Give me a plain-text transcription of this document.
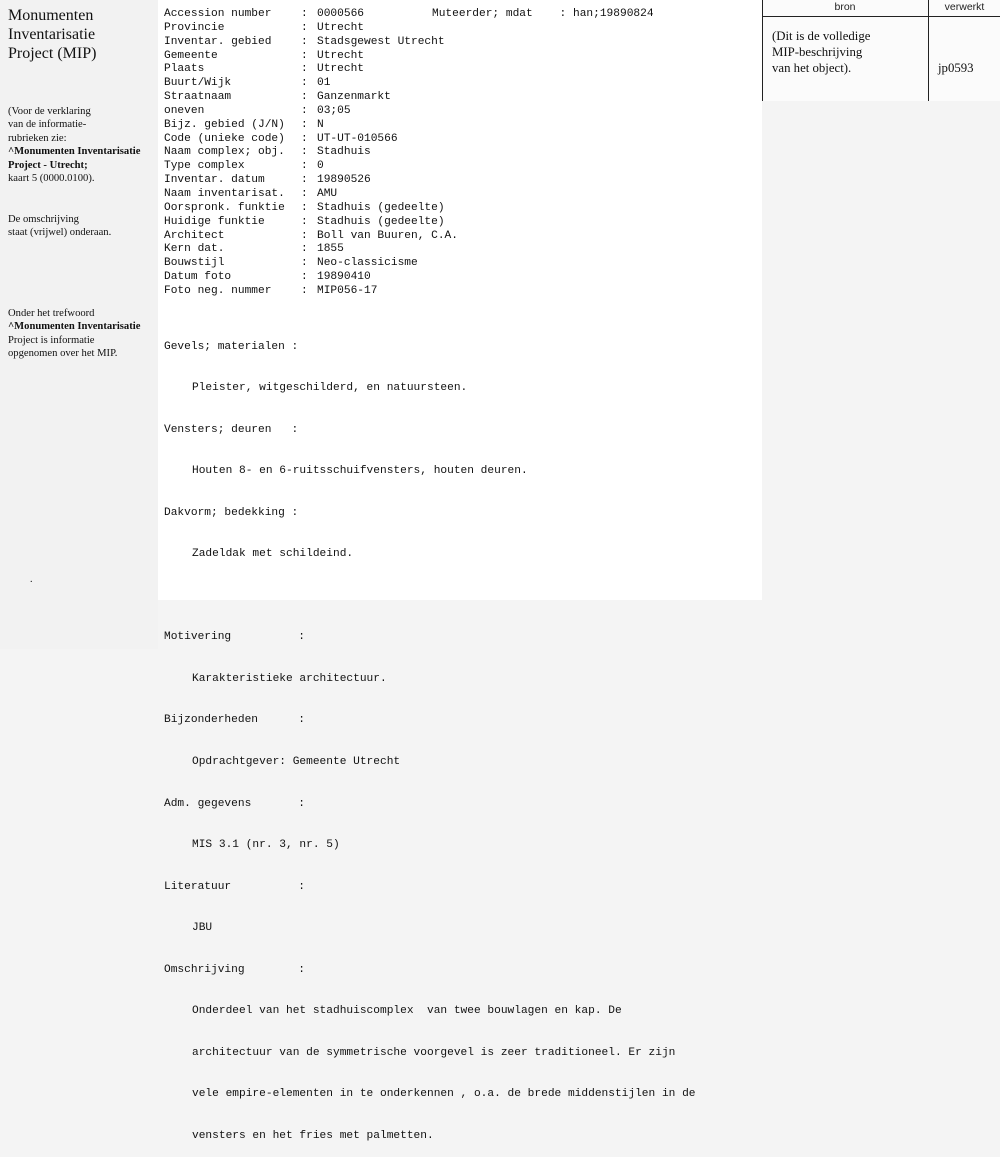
Monumenten
Inventarisatie
Project (MIP)
(Voor de verklaring
van de informatie-
rubrieken zie:
^Monumenten Inventarisatie
Project - Utrecht;
kaart 5 (0000.0100).
De omschrijving
staat (vrijwel) onderaan.
Onder het trefwoord
^Monumenten Inventarisatie
Project is informatie
opgenomen over het MIP.
.
bron	verwerkt
(Dit is de volledige
MIP-beschrijving
van het object).	jp0593
Muteerder; mdat    : han;19890824
Accession number	: 0000566
Provincie	: Utrecht
Inventar. gebied	: Stadsgewest Utrecht
Gemeente	: Utrecht
Plaats	: Utrecht
Buurt/Wijk	: 01
Straatnaam	: Ganzenmarkt
oneven	: 03;05
Bijz. gebied (J/N)	: N
Code (unieke code)	: UT-UT-010566
Naam complex; obj.	: Stadhuis
Type complex	: 0
Inventar. datum	: 19890526
Naam inventarisat.	: AMU
Oorspronk. funktie	: Stadhuis (gedeelte)
Huidige funktie	: Stadhuis (gedeelte)
Architect	: Boll van Buuren, C.A.
Kern dat.	: 1855
Bouwstijl	: Neo-classicisme
Datum foto	: 19890410
Foto neg. nummer	: MIP056-17

Gevels; materialen :

Pleister, witgeschilderd, en natuursteen.

Vensters; deuren   :

Houten 8- en 6-ruitsschuifvensters, houten deuren.

Dakvorm; bedekking :

Zadeldak met schildeind.

Motivering          :

Karakteristieke architectuur.

Bijzonderheden      :

Opdrachtgever: Gemeente Utrecht

Adm. gegevens       :

MIS 3.1 (nr. 3, nr. 5)

Literatuur          :

JBU

Omschrijving        :

Onderdeel van het stadhuiscomplex  van twee bouwlagen en kap. De

architectuur van de symmetrische voorgevel is zeer traditioneel. Er zijn

vele empire-elementen in te onderkennen , o.a. de brede middenstijlen in de

vensters en het fries met palmetten.
